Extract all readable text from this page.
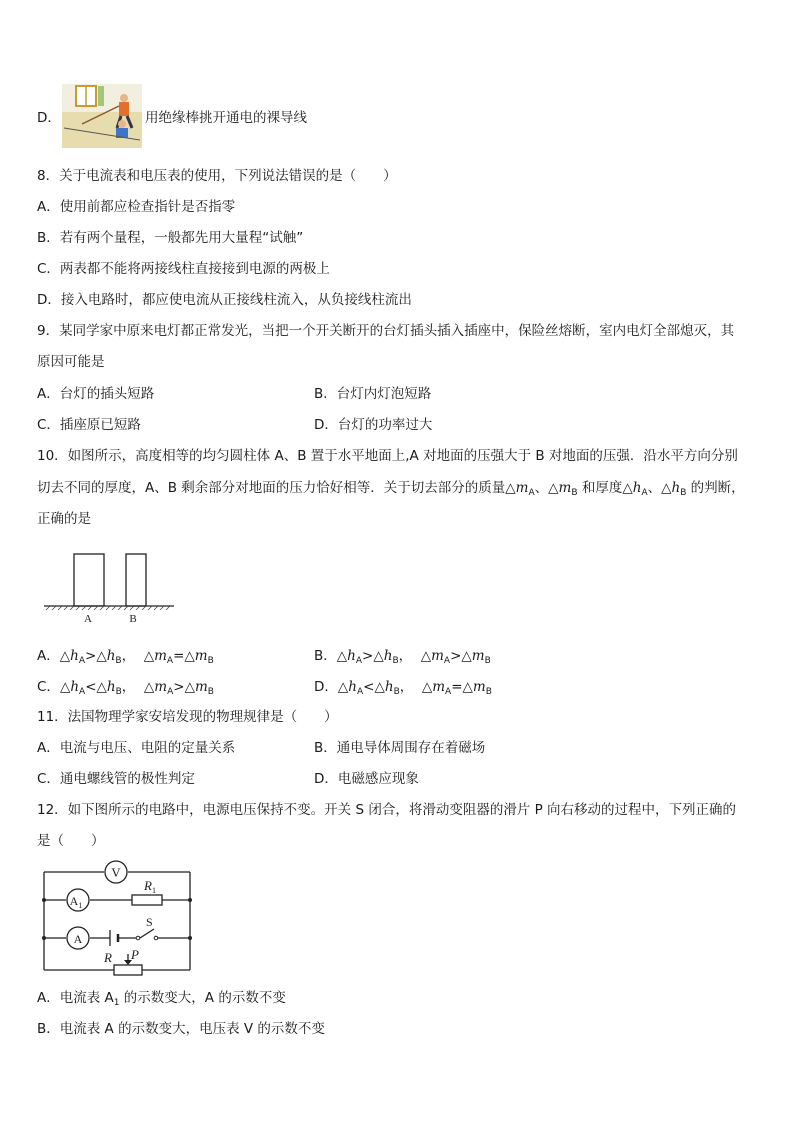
D．	用绝缘棒挑开通电的裸导线
8．关于电流表和电压表的使用，下列说法错误的是（　　）
A．使用前都应检查指针是否指零
B．若有两个量程，一般都先用大量程“试触”
C．两表都不能将两接线柱直接接到电源的两极上
D．接入电路时，都应使电流从正接线柱流入，从负接线柱流出
9．某同学家中原来电灯都正常发光，当把一个开关断开的台灯插头插入插座中，保险丝熔断，室内电灯全部熄灭，其
原因可能是
A．台灯的插头短路	B．台灯内灯泡短路
C．插座原已短路	D．台灯的功率过大
10．如图所示，高度相等的均匀圆柱体 A、B 置于水平地面上,A 对地面的压强大于 B 对地面的压强．沿水平方向分别
切去不同的厚度，A、B 剩余部分对地面的压力恰好相等．关于切去部分的质量$\triangle m_A$、$\triangle m_B$ 和厚度$\triangle h_A$、$\triangle h_B$ 的判断，
正确的是
A	B
A．$\triangle h_A>\triangle h_B$，  $\triangle m_A=\triangle m_B$	B．$\triangle h_A>\triangle h_B$，  $\triangle m_A>\triangle m_B$
C．$\triangle h_A<\triangle h_B$，  $\triangle m_A>\triangle m_B$	D．$\triangle h_A<\triangle h_B$，  $\triangle m_A=\triangle m_B$
11．法国物理学家安培发现的物理规律是（　　）
A．电流与电压、电阻的定量关系	B．通电导体周围存在着磁场
C．通电螺线管的极性判定	D．电磁感应现象
12．如下图所示的电路中，电源电压保持不变。开关 S 闭合，将滑动变阻器的滑片 P 向右移动的过程中，下列正确的
是（　　）
V
$A_1$
$R_1$
A
S
R P
A．电流表 $A_1$ 的示数变大，A 的示数不变
B．电流表 A 的示数变大，电压表 V 的示数不变
